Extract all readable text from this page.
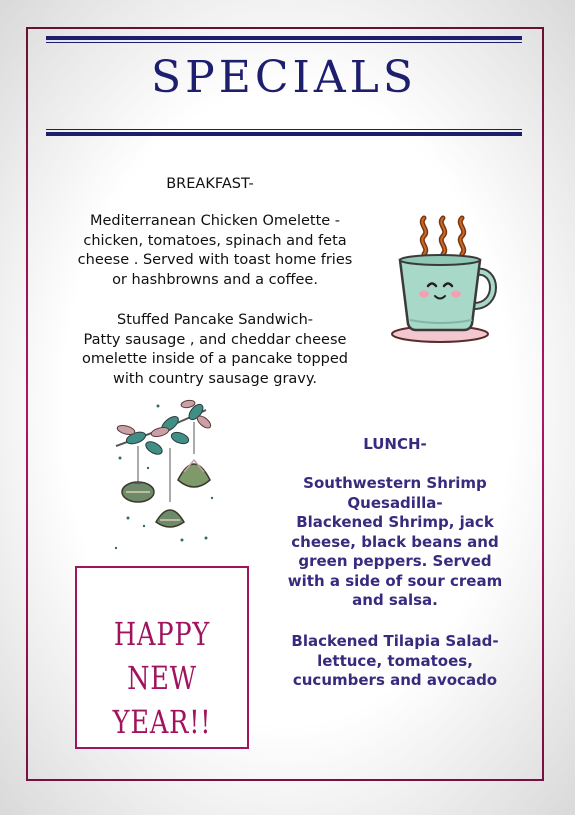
SPECIALS
BREAKFAST-
Mediterranean Chicken Omelette -
chicken, tomatoes, spinach and feta
cheese . Served with toast home fries
or hashbrowns and a coffee.
Stuffed Pancake Sandwich-
Patty sausage , and cheddar cheese
omelette inside of a pancake topped
with country sausage gravy.
LUNCH-
Southwestern Shrimp
Quesadilla-
Blackened Shrimp, jack
cheese, black beans and
green peppers. Served
with a side of sour cream
and salsa.
Blackened Tilapia Salad-
lettuce, tomatoes,
cucumbers and avocado
HAPPY NEW
YEAR!!
